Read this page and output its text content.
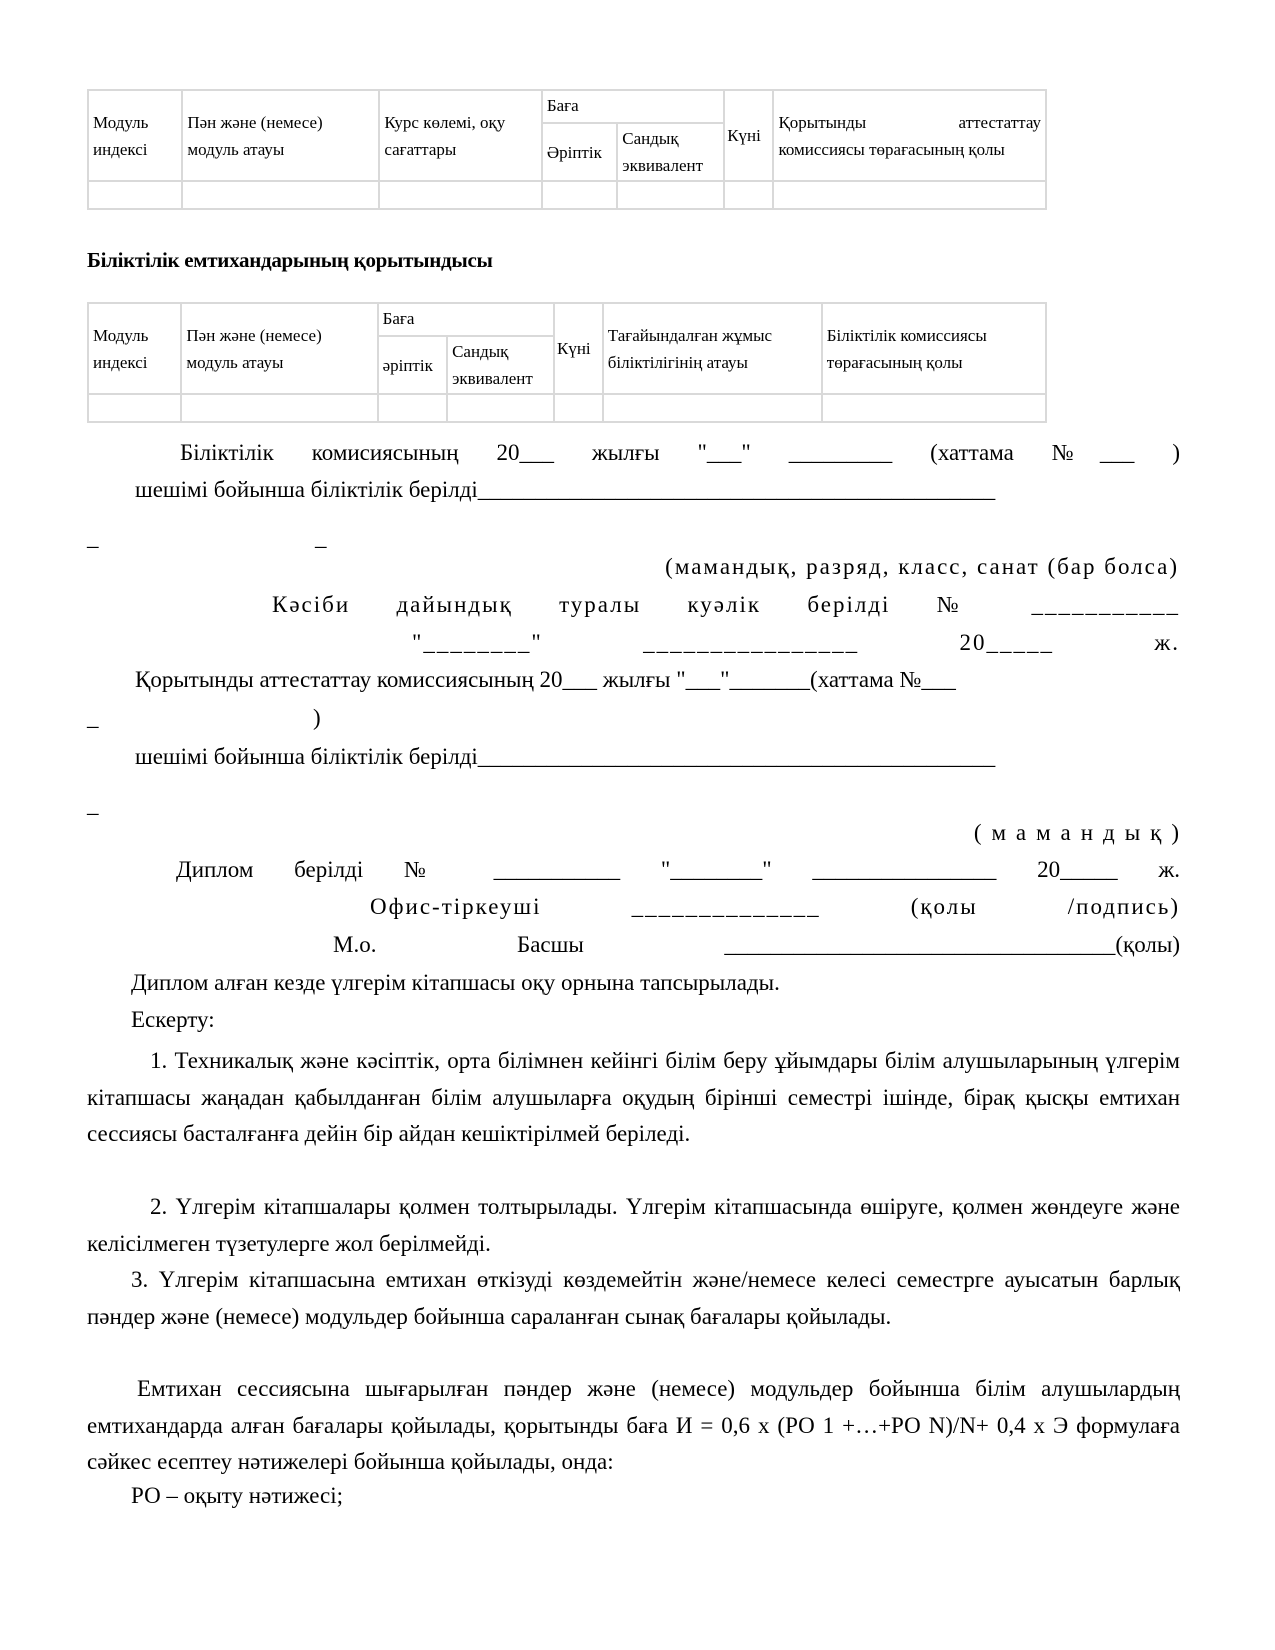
Модуль индексі	Пән және (немесе) модуль атауы	Курс көлемі, оқу сағаттары	Баға		Күні	Қорытынды аттестаттау комиссиясы төрағасының қолы
			Әріптік	Сандық эквивалент		

Біліктілік емтихандарының қорытындысы
Модуль индексі	Пән және (немесе) модуль атауы	Баға		Күні	Тағайындалған жұмыс біліктілігінің атауы	Біліктілік комиссиясы төрағасының қолы
		әріптік	Сандық эквивалент			

Біліктілік комисиясының 20___ жылғы "___" _________ (хаттама №___ )
шешімі бойынша біліктілік берілді_____________________________________________
_	_
(мамандық, разряд, класс, санат (бар болса)
Кәсіби дайындық туралы куәлік берілді № ___________
"________" ________________ 20_____ ж.
Қорытынды аттестаттау комиссиясының 20___ жылғы "___"_______(хаттама №___
_	)
шешімі бойынша біліктілік берілді_____________________________________________
_
(мамандық)
Диплом берілді № ___________ "________" ________________ 20_____ ж.
Офис-тіркеуші ______________ (қолы /подпись)
М.о. Басшы __________________________________(қолы)
Диплом алған кезде үлгерім кітапшасы оқу орнына тапсырылады.
Ескерту:
1. Техникалық және кәсіптік, орта білімнен кейінгі білім беру ұйымдары білім алушыларының үлгерім кітапшасы жаңадан қабылданған білім алушыларға оқудың бірінші семестрі ішінде, бірақ қысқы емтихан сессиясы басталғанға дейін бір айдан кешіктірілмей беріледі.
2. Үлгерім кітапшалары қолмен толтырылады. Үлгерім кітапшасында өшіруге, қолмен жөндеуге және келісілмеген түзетулерге жол берілмейді.
3. Үлгерім кітапшасына емтихан өткізуді көздемейтін және/немесе келесі семестрге ауысатын барлық пәндер және (немесе) модульдер бойынша сараланған сынақ бағалары қойылады.
Емтихан сессиясына шығарылған пәндер және (немесе) модульдер бойынша білім алушылардың емтихандарда алған бағалары қойылады, қорытынды баға И = 0,6 х (РО 1 +…+РО N)/N+ 0,4 х Э формулаға сәйкес есептеу нәтижелері бойынша қойылады, онда:
РО – оқыту нәтижесі;
